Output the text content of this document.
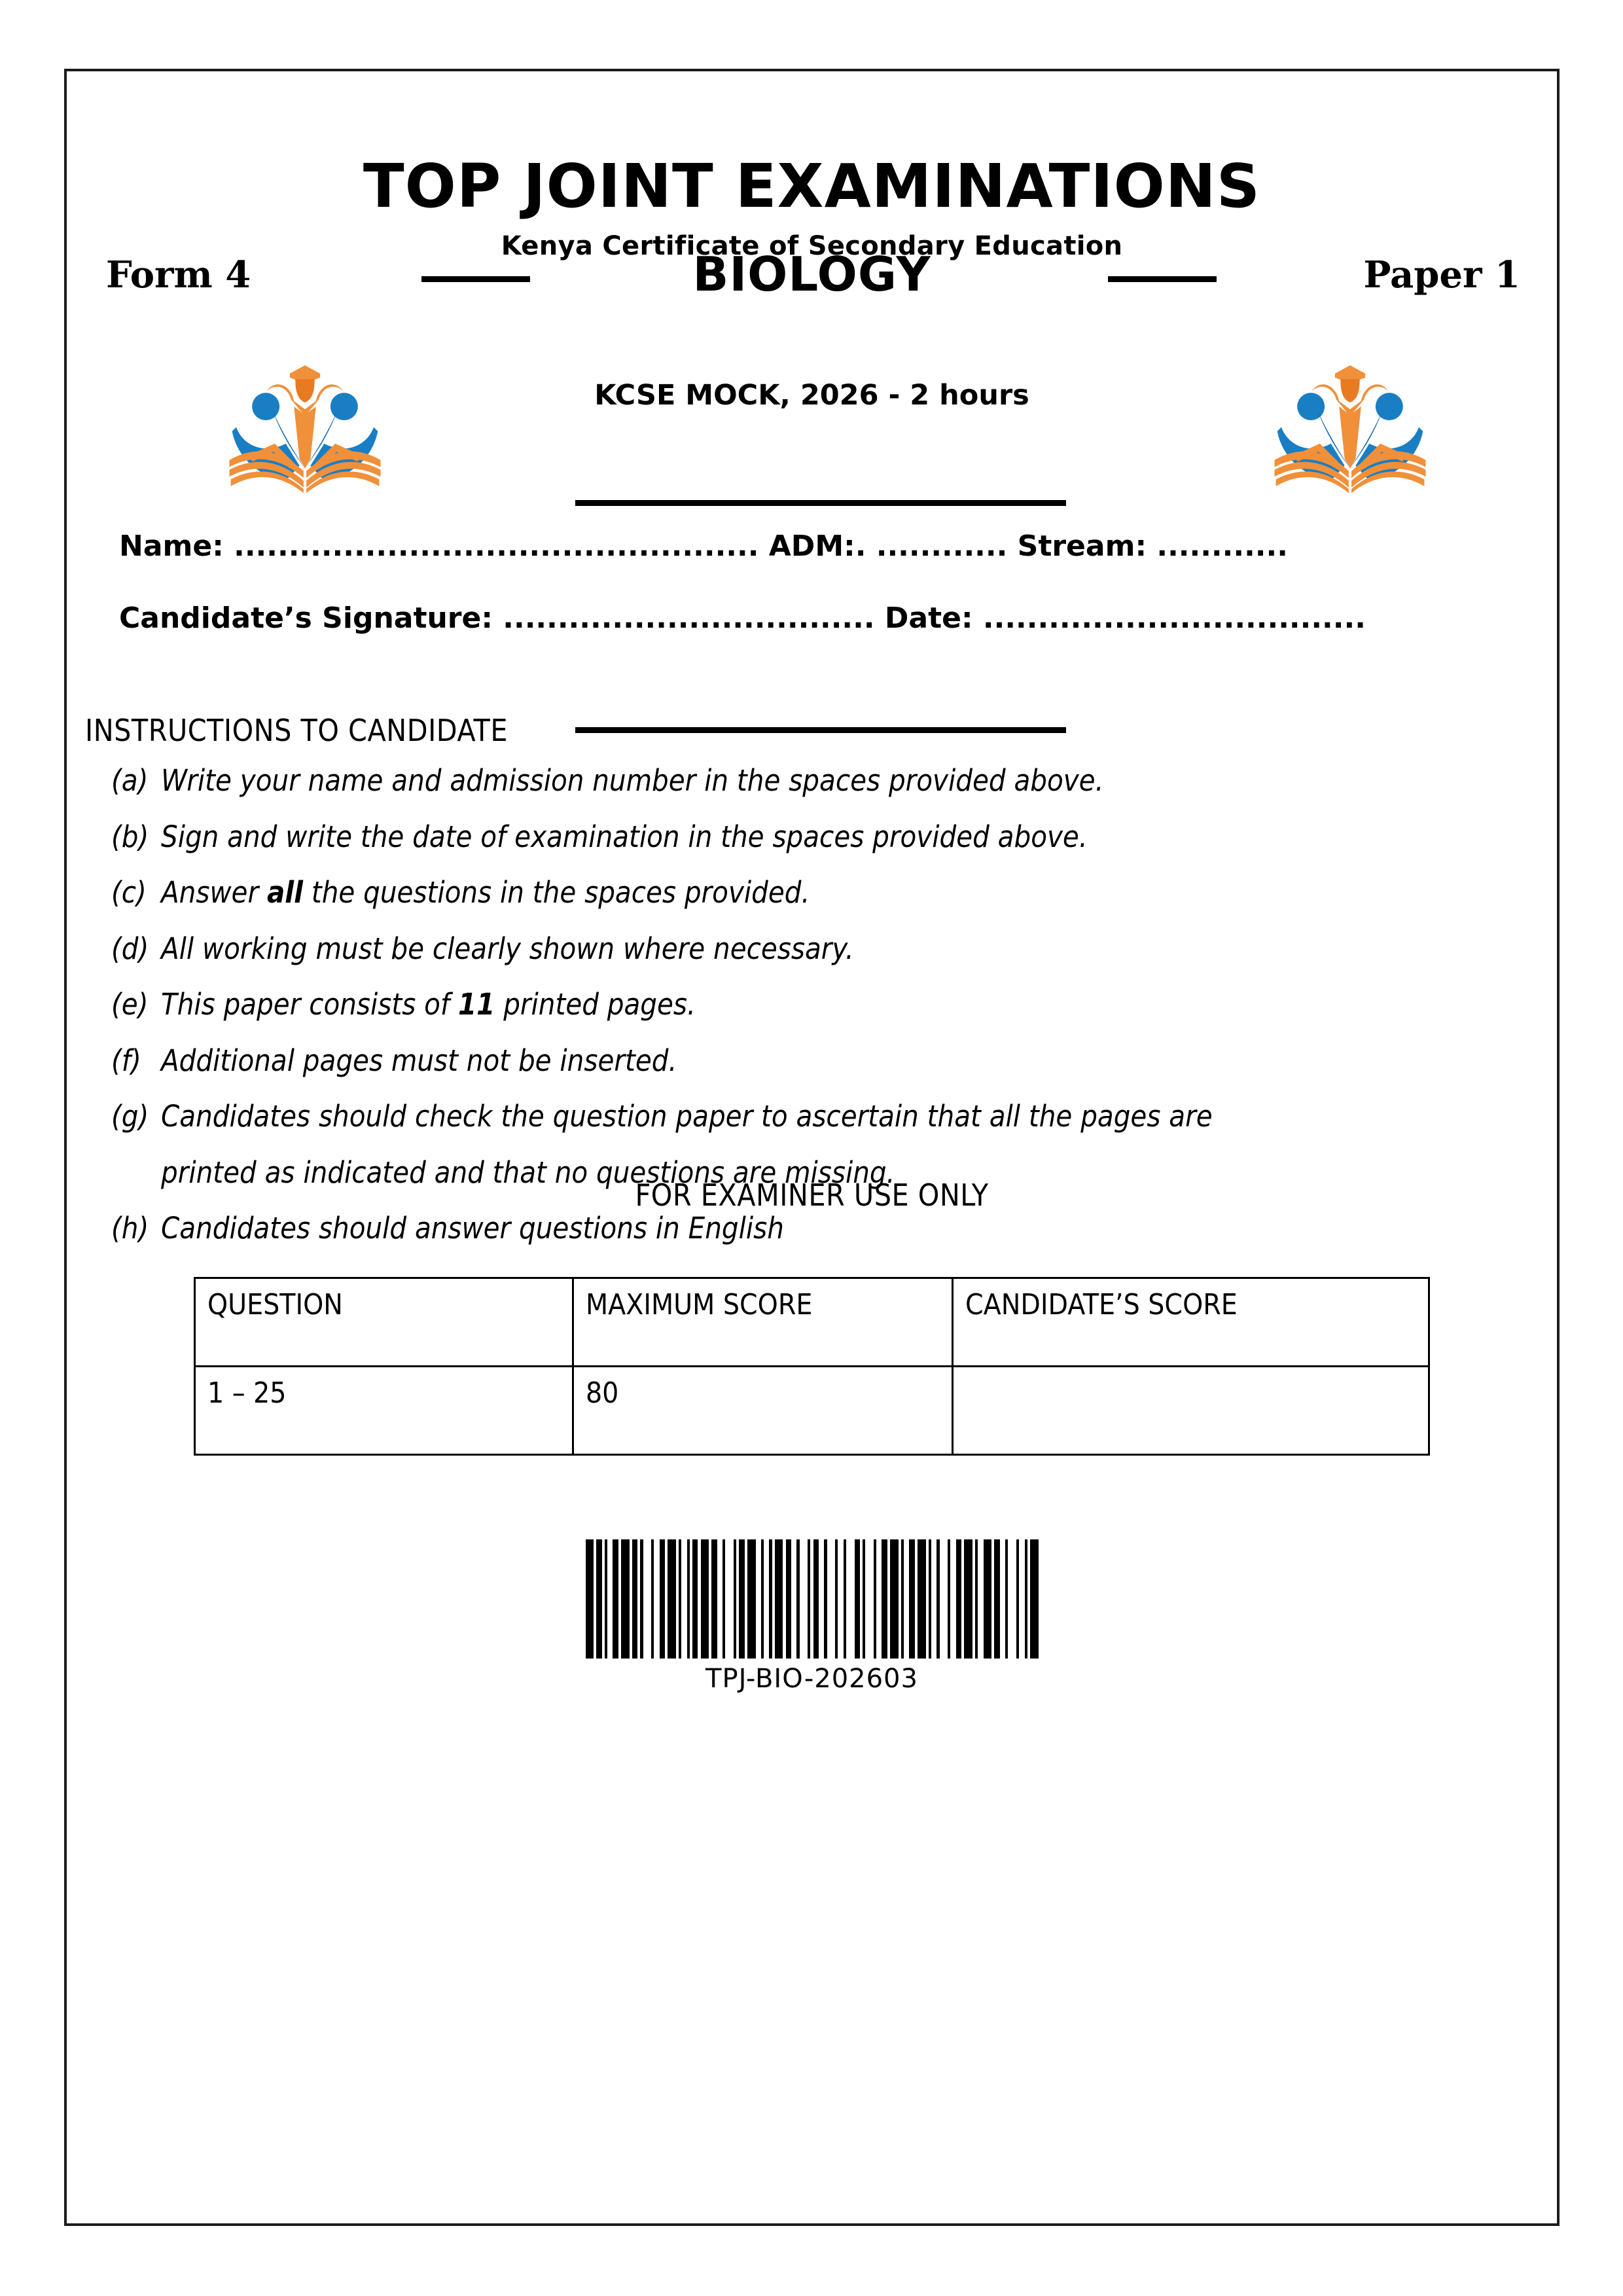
TOP JOINT EXAMINATIONS
Kenya Certificate of Secondary Education
Form 4	BIOLOGY	Paper 1
KCSE MOCK, 2026 - 2 hours
Name: ................................................ ADM:. ............ Stream: ............
Candidate’s Signature: .................................. Date: ...................................
INSTRUCTIONS TO CANDIDATE
(a) Write your name and admission number in the spaces provided above.
(b) Sign and write the date of examination in the spaces provided above.
(c) Answer all the questions in the spaces provided.
(d) All working must be clearly shown where necessary.
(e) This paper consists of 11 printed pages.
(f) Additional pages must not be inserted.
(g) Candidates should check the question paper to ascertain that all the pages are
printed as indicated and that no questions are missing.
(h) Candidates should answer questions in English
FOR EXAMINER USE ONLY
QUESTION	MAXIMUM SCORE	CANDIDATE’S SCORE
1 – 25	80	
TPJ-BIO-202603
